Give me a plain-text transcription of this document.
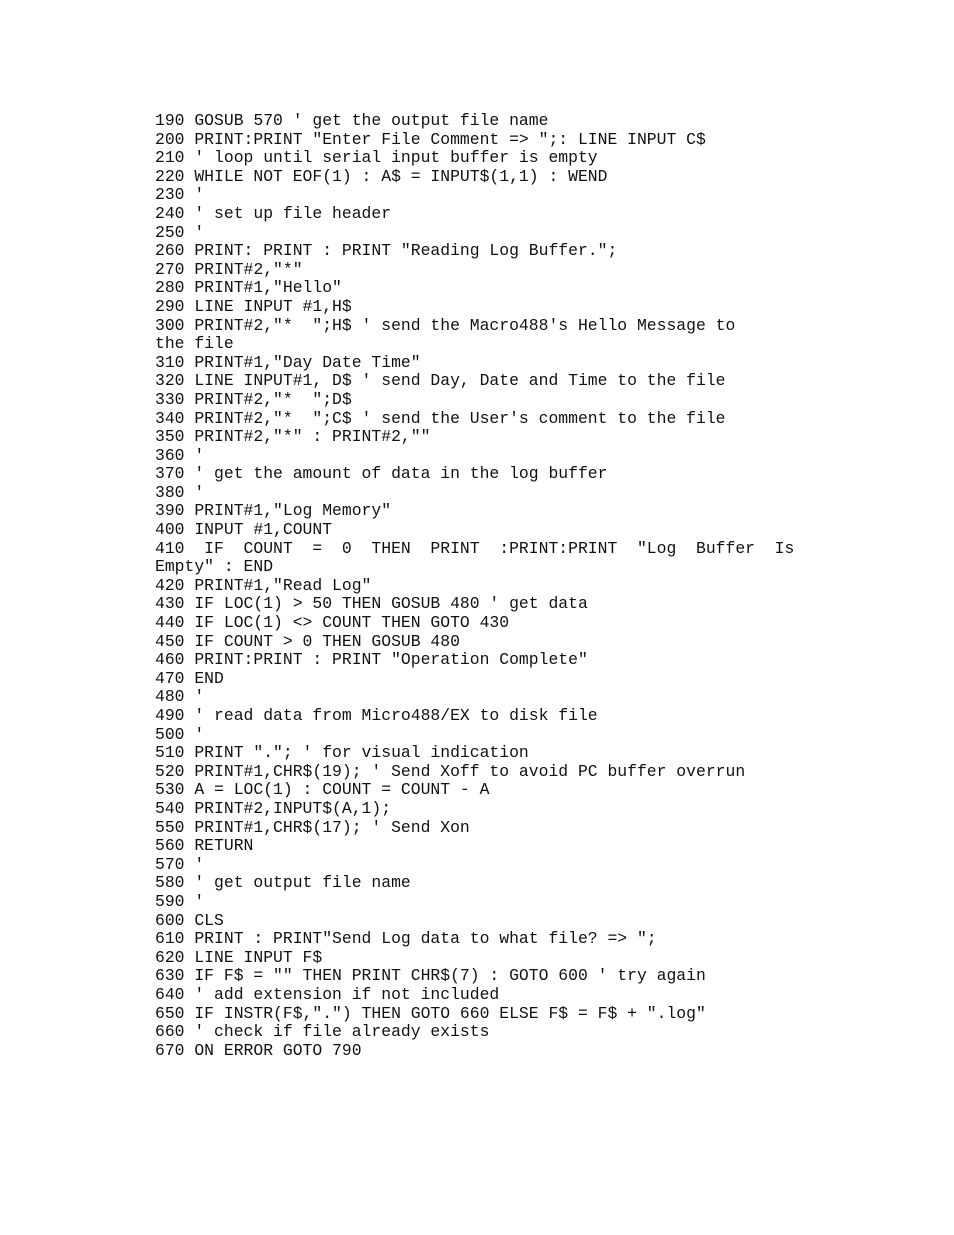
190 GOSUB 570 ' get the output file name
200 PRINT:PRINT "Enter File Comment => ";: LINE INPUT C$
210 ' loop until serial input buffer is empty
220 WHILE NOT EOF(1) : A$ = INPUT$(1,1) : WEND
230 '
240 ' set up file header
250 '
260 PRINT: PRINT : PRINT "Reading Log Buffer.";
270 PRINT#2,"*"
280 PRINT#1,"Hello"
290 LINE INPUT #1,H$
300 PRINT#2,"*  ";H$ ' send the Macro488's Hello Message to
the file
310 PRINT#1,"Day Date Time"
320 LINE INPUT#1, D$ ' send Day, Date and Time to the file
330 PRINT#2,"*  ";D$
340 PRINT#2,"*  ";C$ ' send the User's comment to the file
350 PRINT#2,"*" : PRINT#2,""
360 '
370 ' get the amount of data in the log buffer
380 '
390 PRINT#1,"Log Memory"
400 INPUT #1,COUNT
410  IF  COUNT  =  0  THEN  PRINT  :PRINT:PRINT  "Log  Buffer  Is
Empty" : END
420 PRINT#1,"Read Log"
430 IF LOC(1) > 50 THEN GOSUB 480 ' get data
440 IF LOC(1) <> COUNT THEN GOTO 430
450 IF COUNT > 0 THEN GOSUB 480
460 PRINT:PRINT : PRINT "Operation Complete"
470 END
480 '
490 ' read data from Micro488/EX to disk file
500 '
510 PRINT "."; ' for visual indication
520 PRINT#1,CHR$(19); ' Send Xoff to avoid PC buffer overrun
530 A = LOC(1) : COUNT = COUNT - A
540 PRINT#2,INPUT$(A,1);
550 PRINT#1,CHR$(17); ' Send Xon
560 RETURN
570 '
580 ' get output file name
590 '
600 CLS
610 PRINT : PRINT"Send Log data to what file? => ";
620 LINE INPUT F$
630 IF F$ = "" THEN PRINT CHR$(7) : GOTO 600 ' try again
640 ' add extension if not included
650 IF INSTR(F$,".") THEN GOTO 660 ELSE F$ = F$ + ".log"
660 ' check if file already exists
670 ON ERROR GOTO 790
